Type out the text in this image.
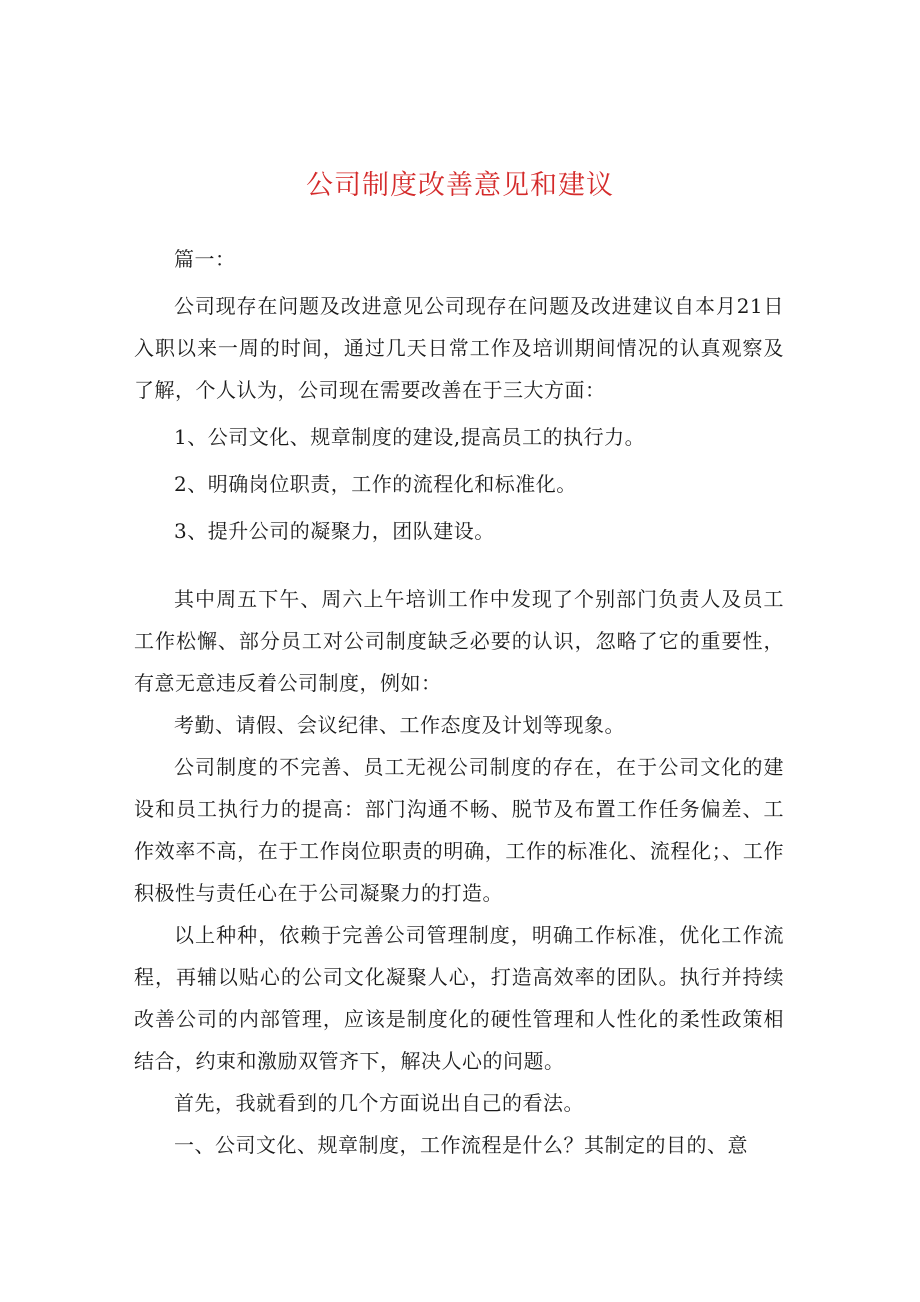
公司制度改善意见和建议

篇一：

公司现存在问题及改进意见公司现存在问题及改进建议自本月21日入职以来一周的时间，通过几天日常工作及培训期间情况的认真观察及了解，个人认为，公司现在需要改善在于三大方面：

1、公司文化、规章制度的建设,提高员工的执行力。

2、明确岗位职责，工作的流程化和标准化。

3、提升公司的凝聚力，团队建设。

其中周五下午、周六上午培训工作中发现了个别部门负责人及员工工作松懈、部分员工对公司制度缺乏必要的认识，忽略了它的重要性，有意无意违反着公司制度，例如：

考勤、请假、会议纪律、工作态度及计划等现象。

公司制度的不完善、员工无视公司制度的存在，在于公司文化的建设和员工执行力的提高：部门沟通不畅、脱节及布置工作任务偏差、工作效率不高，在于工作岗位职责的明确，工作的标准化、流程化；、工作积极性与责任心在于公司凝聚力的打造。

以上种种，依赖于完善公司管理制度，明确工作标准，优化工作流程，再辅以贴心的公司文化凝聚人心，打造高效率的团队。执行并持续改善公司的内部管理，应该是制度化的硬性管理和人性化的柔性政策相结合，约束和激励双管齐下，解决人心的问题。

首先，我就看到的几个方面说出自己的看法。

一、公司文化、规章制度，工作流程是什么？其制定的目的、意
